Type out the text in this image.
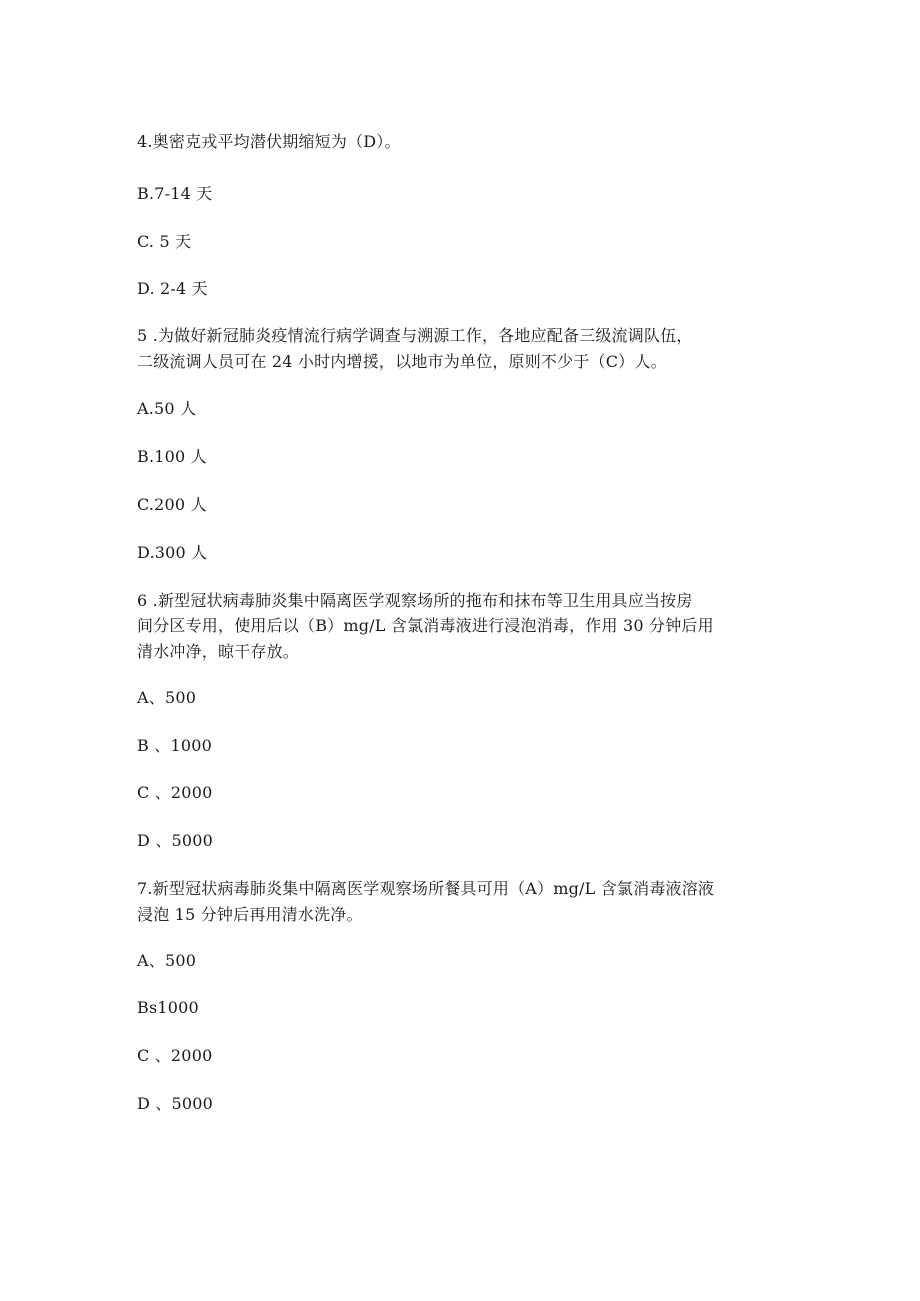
4.奥密克戎平均潜伏期缩短为（D）。
B.7-14 天
C. 5 天
D. 2-4 天
5 .为做好新冠肺炎疫情流行病学调查与溯源工作，各地应配备三级流调队伍，
二级流调人员可在 24 小时内增援，以地市为单位，原则不少于（C）人。
A.50 人
B.100 人
C.200 人
D.300 人
6 .新型冠状病毒肺炎集中隔离医学观察场所的拖布和抹布等卫生用具应当按房
间分区专用，使用后以（B）mg/L 含氯消毒液进行浸泡消毒，作用 30 分钟后用
清水冲净，晾干存放。
A、500
B 、1000
C 、2000
D 、5000
7.新型冠状病毒肺炎集中隔离医学观察场所餐具可用（A）mg/L 含氯消毒液溶液
浸泡 15 分钟后再用清水洗净。
A、500
Bs1000
C 、2000
D 、5000
